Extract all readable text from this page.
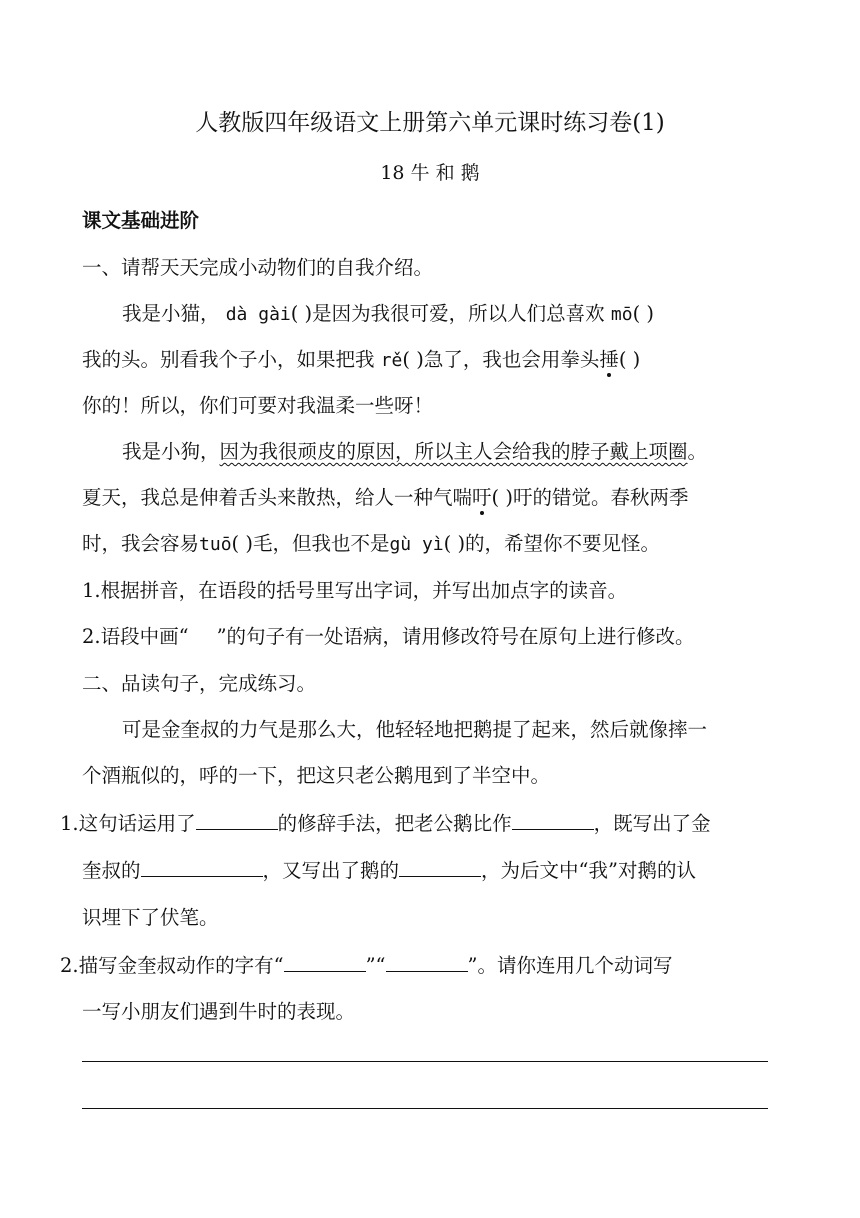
人教版四年级语文上册第六单元课时练习卷(1)
18 牛 和 鹅
课文基础进阶
一、请帮天天完成小动物们的自我介绍。
我是小猫， dà gài( )是因为我很可爱，所以人们总喜欢 mō( )
我的头。别看我个子小，如果把我 rě( )急了，我也会用拳头捶( )
你的！所以，你们可要对我温柔一些呀！
我是小狗，因为我很顽皮的原因，所以主人会给我的脖子戴上项圈。
夏天，我总是伸着舌头来散热，给人一种气喘吁( )吁的错觉。春秋两季
时，我会容易tuō( )毛，但我也不是gù yì( )的，希望你不要见怪。
1.根据拼音，在语段的括号里写出字词，并写出加点字的读音。
2.语段中画“ ”的句子有一处语病，请用修改符号在原句上进行修改。
二、品读句子，完成练习。
可是金奎叔的力气是那么大，他轻轻地把鹅提了起来，然后就像摔一
个酒瓶似的，呼的一下，把这只老公鹅甩到了半空中。
1.这句话运用了	的修辞手法，把老公鹅比作	，既写出了金
奎叔的	，又写出了鹅的	，为后文中“我”对鹅的认
识埋下了伏笔。
2.描写金奎叔动作的字有“	”“	”。请你连用几个动词写
一写小朋友们遇到牛时的表现。
